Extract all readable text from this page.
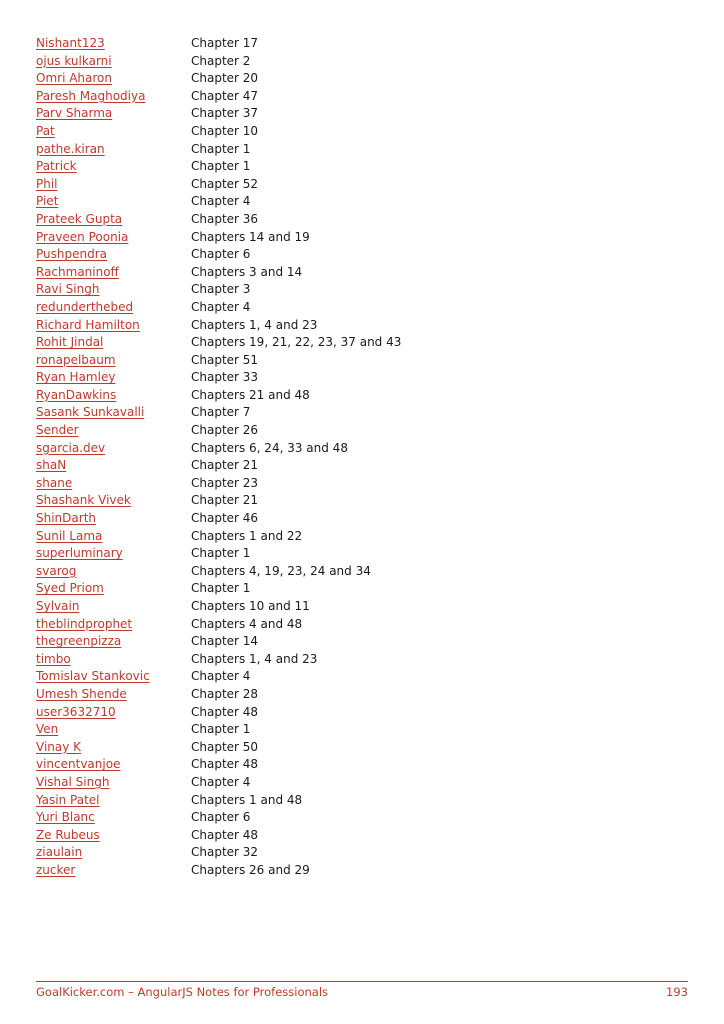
Nishant123	Chapter 17
ojus kulkarni	Chapter 2
Omri Aharon	Chapter 20
Paresh Maghodiya	Chapter 47
Parv Sharma	Chapter 37
Pat	Chapter 10
pathe.kiran	Chapter 1
Patrick	Chapter 1
Phil	Chapter 52
Piet	Chapter 4
Prateek Gupta	Chapter 36
Praveen Poonia	Chapters 14 and 19
Pushpendra	Chapter 6
Rachmaninoff	Chapters 3 and 14
Ravi Singh	Chapter 3
redunderthebed	Chapter 4
Richard Hamilton	Chapters 1, 4 and 23
Rohit Jindal	Chapters 19, 21, 22, 23, 37 and 43
ronapelbaum	Chapter 51
Ryan Hamley	Chapter 33
RyanDawkins	Chapters 21 and 48
Sasank Sunkavalli	Chapter 7
Sender	Chapter 26
sgarcia.dev	Chapters 6, 24, 33 and 48
shaN	Chapter 21
shane	Chapter 23
Shashank Vivek	Chapter 21
ShinDarth	Chapter 46
Sunil Lama	Chapters 1 and 22
superluminary	Chapter 1
svarog	Chapters 4, 19, 23, 24 and 34
Syed Priom	Chapter 1
Sylvain	Chapters 10 and 11
theblindprophet	Chapters 4 and 48
thegreenpizza	Chapter 14
timbo	Chapters 1, 4 and 23
Tomislav Stankovic	Chapter 4
Umesh Shende	Chapter 28
user3632710	Chapter 48
Ven	Chapter 1
Vinay K	Chapter 50
vincentvanjoe	Chapter 48
Vishal Singh	Chapter 4
Yasin Patel	Chapters 1 and 48
Yuri Blanc	Chapter 6
Ze Rubeus	Chapter 48
ziaulain	Chapter 32
zucker	Chapters 26 and 29
GoalKicker.com – AngularJS Notes for Professionals	193
